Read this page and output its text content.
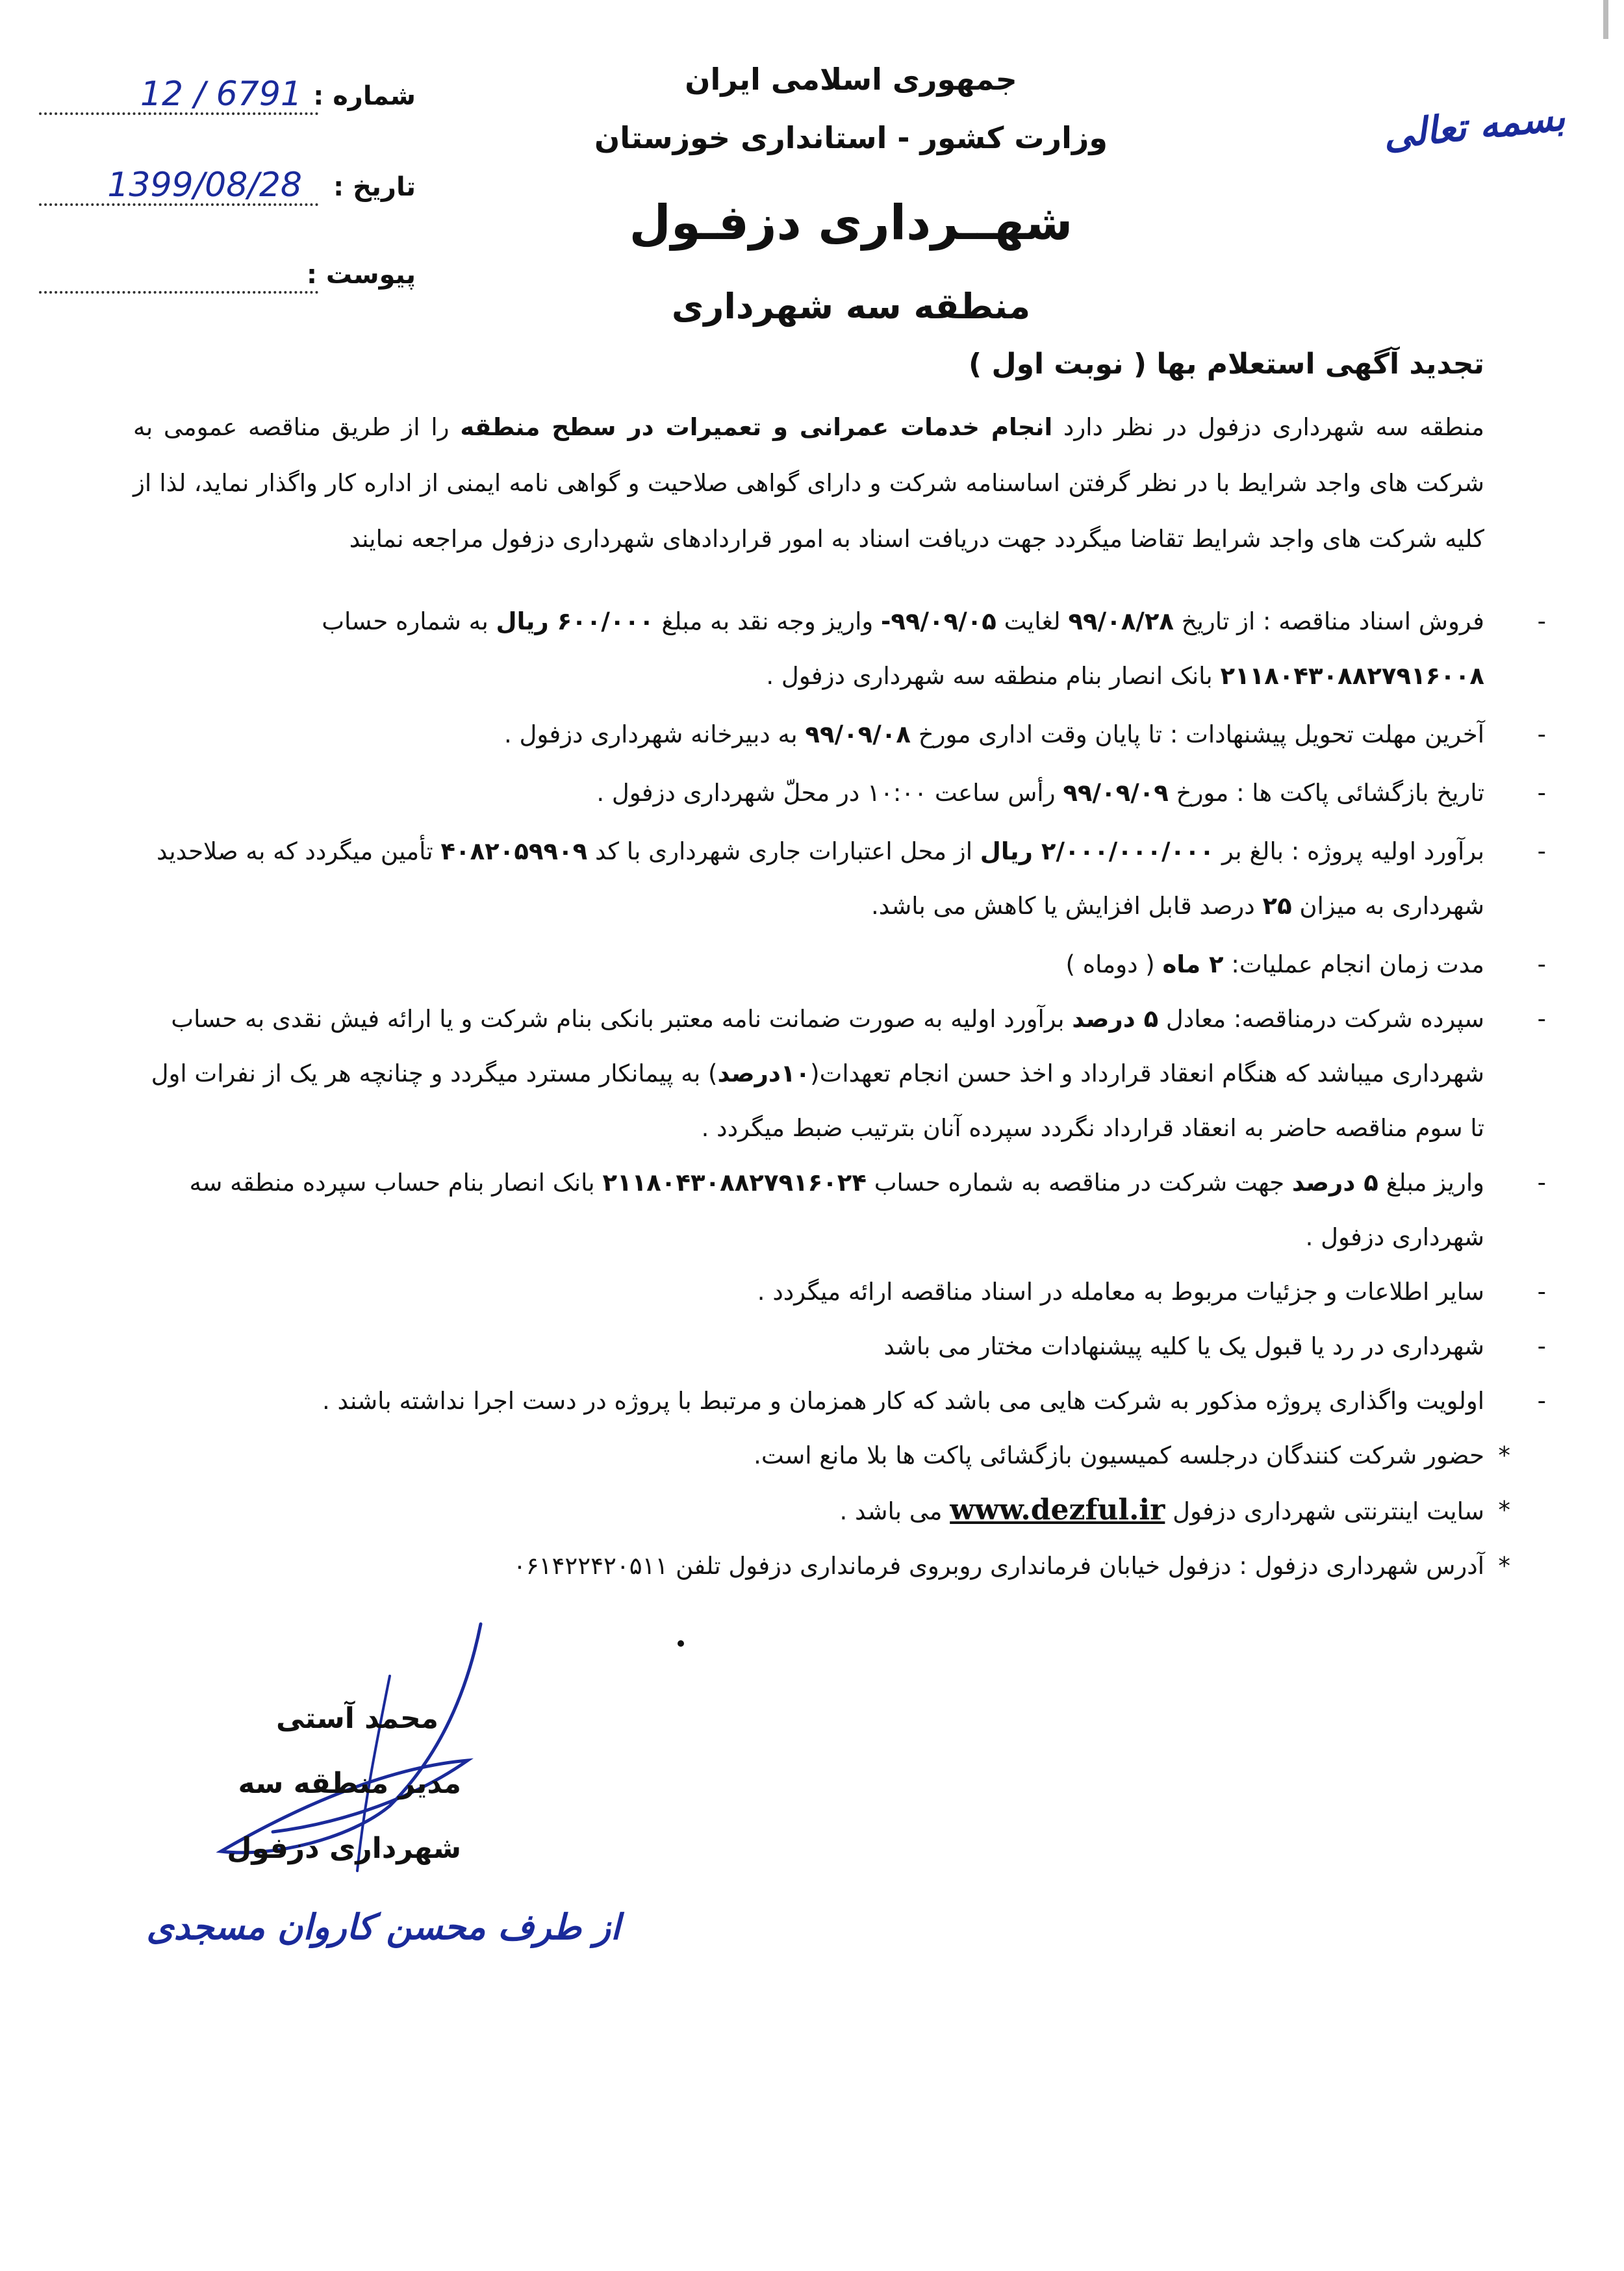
جمهوری اسلامی ایران
وزارت کشور - استانداری خوزستان
شهــرداری دزفـول
منطقه سه شهرداری
بسمه تعالی
شماره :
12 / 6791
تاریخ :
1399/08/28
پیوست :
تجدید آگهی استعلام بها ( نوبت اول )
منطقه سه شهرداری دزفول در نظر دارد انجام خدمات عمرانی و تعمیرات در سطح منطقه را از طریق مناقصه عمومی به شرکت های واجد شرایط با در نظر گرفتن اساسنامه شرکت و دارای گواهی صلاحیت و گواهی نامه ایمنی از اداره کار واگذار نماید، لذا از کلیه شرکت های واجد شرایط تقاضا میگردد جهت دریافت اسناد به امور قراردادهای شهرداری دزفول مراجعه نمایند
-
فروش اسناد مناقصه : از تاریخ ۹۹/۰۸/۲۸ لغایت ۹۹/۰۹/۰۵- واریز وجه نقد به مبلغ ۶۰۰/۰۰۰ ریال به شماره حساب ۲۱۱۸۰۴۳۰۸۸۲۷۹۱۶۰۰۸ بانک انصار بنام منطقه سه شهرداری دزفول .
-
آخرین مهلت تحویل پیشنهادات : تا پایان وقت اداری مورخ ۹۹/۰۹/۰۸ به دبیرخانه شهرداری دزفول .
-
تاریخ بازگشائی پاکت ها : مورخ ۹۹/۰۹/۰۹ رأس ساعت ۱۰:۰۰ در محلّ شهرداری دزفول .
-
برآورد اولیه پروژه : بالغ بر ۲/۰۰۰/۰۰۰/۰۰۰ ریال از محل اعتبارات جاری شهرداری با کد ۴۰۸۲۰۵۹۹۰۹ تأمین میگردد که به صلاحدید شهرداری به میزان ۲۵ درصد قابل افزایش یا کاهش می باشد.
-
مدت زمان انجام عملیات: ۲ ماه ( دوماه )
-
سپرده شرکت درمناقصه: معادل ۵ درصد برآورد اولیه به صورت ضمانت نامه معتبر بانکی بنام شرکت و یا ارائه فیش نقدی به حساب شهرداری میباشد که هنگام انعقاد قرارداد و اخذ حسن انجام تعهدات(۱۰درصد) به پیمانکار مسترد میگردد و چنانچه هر یک از نفرات اول تا سوم مناقصه حاضر به انعقاد قرارداد نگردد سپرده آنان بترتیب ضبط میگردد .
-
واریز مبلغ ۵ درصد جهت شرکت در مناقصه به شماره حساب ۲۱۱۸۰۴۳۰۸۸۲۷۹۱۶۰۲۴ بانک انصار بنام حساب سپرده منطقه سه شهرداری دزفول .
-
سایر اطلاعات و جزئیات مربوط به معامله در اسناد مناقصه ارائه میگردد .
-
شهرداری در رد یا قبول یک یا کلیه پیشنهادات مختار می باشد
-
اولویت واگذاری پروژه مذکور به شرکت هایی می باشد که کار همزمان و مرتبط با پروژه در دست اجرا نداشته باشند .
*
حضور شرکت کنندگان درجلسه کمیسیون بازگشائی پاکت ها بلا مانع است.
*
سایت اینترنتی شهرداری دزفول www.dezful.ir می باشد .
*
آدرس شهرداری دزفول : دزفول خیابان فرمانداری روبروی فرمانداری دزفول تلفن ۰۶۱۴۲۲۴۲۰۵۱۱
محمد آستی
مدیر منطقه سه
شهرداری دزفول
از طرف محسن کاروان مسجدی
